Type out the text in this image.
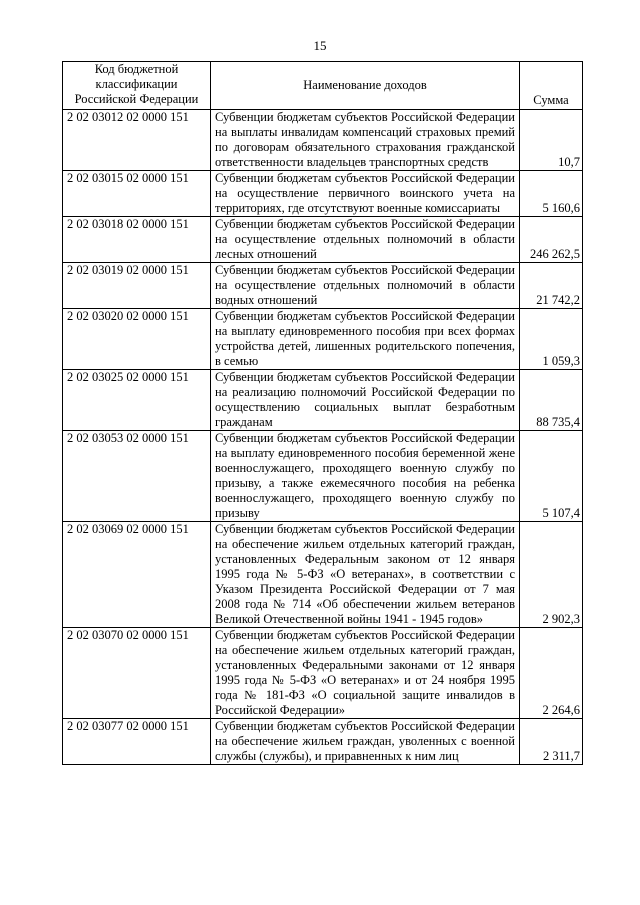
15
Код бюджетной
классификации
Российской Федерации	Наименование доходов	Сумма
2 02 03012 02 0000 151	Субвенции бюджетам субъектов Российской Федерации на выплаты инвалидам компенсаций страховых премий по договорам обязательного страхования гражданской ответственности владельцев транспортных средств	10,7
2 02 03015 02 0000 151	Субвенции бюджетам субъектов Российской Федерации на осуществление первичного воинского учета на территориях, где отсутствуют военные комиссариаты	5 160,6
2 02 03018 02 0000 151	Субвенции бюджетам субъектов Российской Федерации на осуществление отдельных полномочий в области лесных отношений	246 262,5
2 02 03019 02 0000 151	Субвенции бюджетам субъектов Российской Федерации на осуществление отдельных полномочий в области водных отношений	21 742,2
2 02 03020 02 0000 151	Субвенции бюджетам субъектов Российской Федерации на выплату единовременного пособия при всех формах устройства детей, лишенных родительского попечения, в семью	1 059,3
2 02 03025 02 0000 151	Субвенции бюджетам субъектов Российской Федерации на реализацию полномочий Российской Федерации по осуществлению социальных выплат безработным гражданам	88 735,4
2 02 03053 02 0000 151	Субвенции бюджетам субъектов Российской Федерации на выплату единовременного пособия беременной жене военнослужащего, проходящего военную службу по призыву, а также ежемесячного пособия на ребенка военнослужащего, проходящего военную службу по призыву	5 107,4
2 02 03069 02 0000 151	Субвенции бюджетам субъектов Российской Федерации на обеспечение жильем отдельных категорий граждан, установленных Федеральным законом от 12 января 1995 года № 5-ФЗ «О ветеранах», в соответствии с Указом Президента Российской Федерации от 7 мая 2008 года № 714 «Об обеспечении жильем ветеранов Великой Отечественной войны 1941 - 1945 годов»	2 902,3
2 02 03070 02 0000 151	Субвенции бюджетам субъектов Российской Федерации на обеспечение жильем отдельных категорий граждан, установленных Федеральными законами от 12 января 1995 года № 5-ФЗ «О ветеранах» и от 24 ноября 1995 года № 181-ФЗ «О социальной защите инвалидов в Российской Федерации»	2 264,6
2 02 03077 02 0000 151	Субвенции бюджетам субъектов Российской Федерации на обеспечение жильем граждан, уволенных с военной службы (службы), и приравненных к ним лиц	2 311,7
